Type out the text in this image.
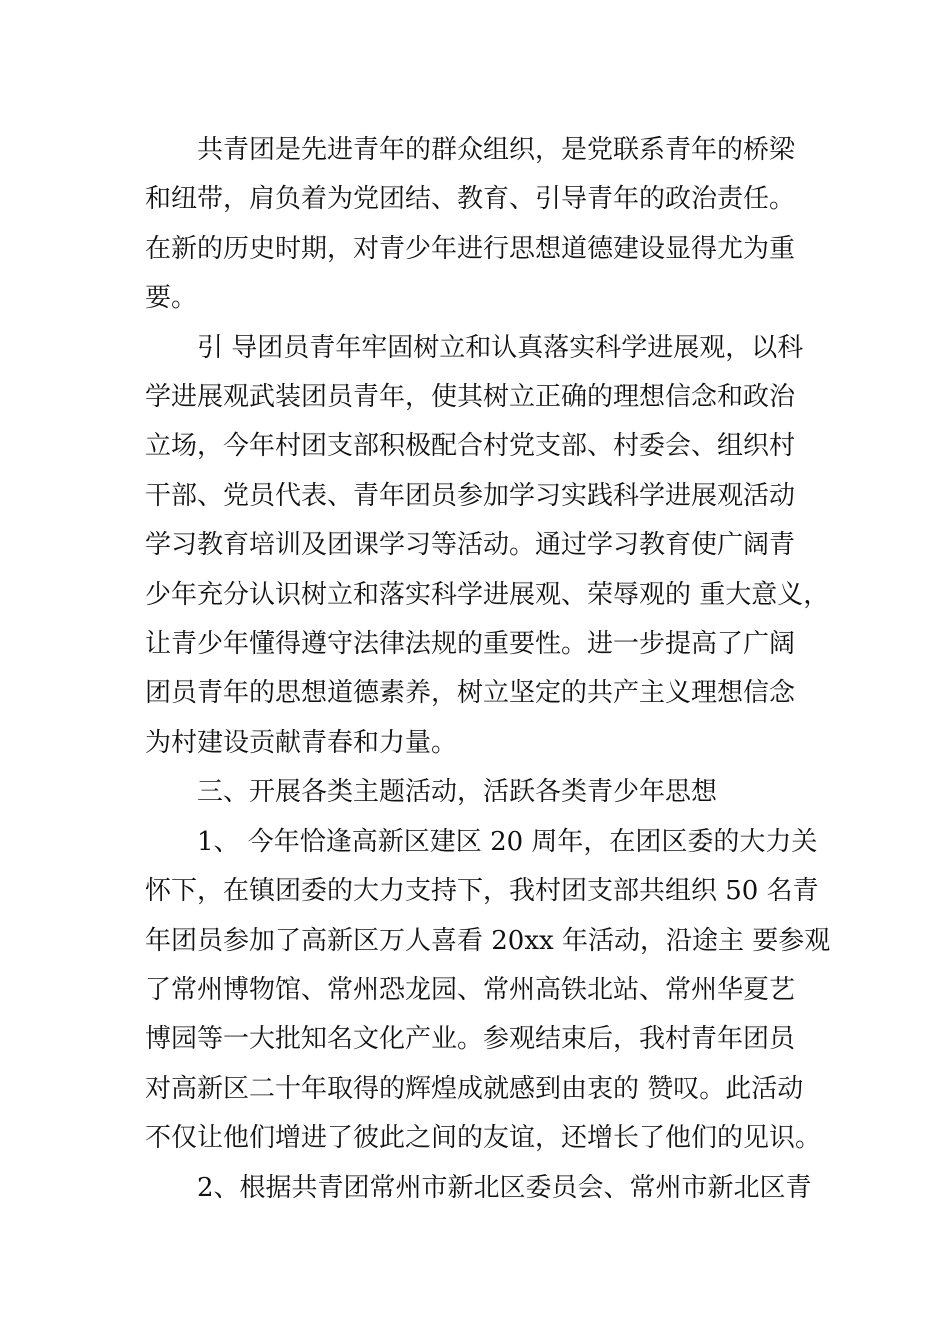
共青团是先进青年的群众组织，是党联系青年的桥梁
和纽带，肩负着为党团结、教育、引导青年的政治责任。
在新的历史时期，对青少年进行思想道德建设显得尤为重
要。
引 导团员青年牢固树立和认真落实科学进展观，以科
学进展观武装团员青年，使其树立正确的理想信念和政治
立场，今年村团支部积极配合村党支部、村委会、组织村
干部、党员代表、青年团员参加学习实践科学进展观活动
学习教育培训及团课学习等活动。通过学习教育使广阔青
少年充分认识树立和落实科学进展观、荣辱观的 重大意义，
让青少年懂得遵守法律法规的重要性。进一步提高了广阔
团员青年的思想道德素养，树立坚定的共产主义理想信念
为村建设贡献青春和力量。
三、开展各类主题活动，活跃各类青少年思想
1、 今年恰逢高新区建区 20 周年，在团区委的大力关
怀下，在镇团委的大力支持下，我村团支部共组织 50 名青
年团员参加了高新区万人喜看 20xx 年活动，沿途主 要参观
了常州博物馆、常州恐龙园、常州高铁北站、常州华夏艺
博园等一大批知名文化产业。参观结束后，我村青年团员
对高新区二十年取得的辉煌成就感到由衷的 赞叹。此活动
不仅让他们增进了彼此之间的友谊，还增长了他们的见识。
2、根据共青团常州市新北区委员会、常州市新北区青
